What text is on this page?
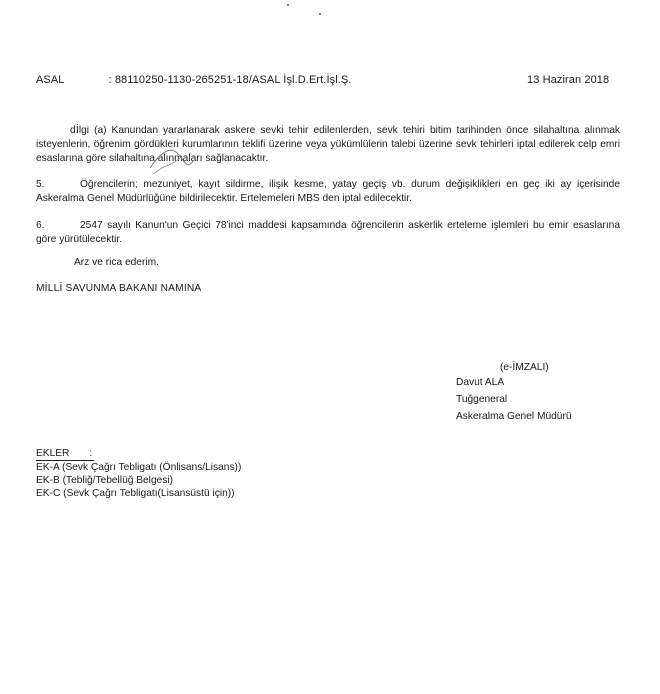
ASAL	: 88110250-1130-265251-18/ASAL İşl.D.Ert.İşl.Ş.	13 Haziran 2018
d.İlgi (a) Kanundan yararlanarak askere sevki tehir edilenlerden, sevk tehiri bitim tarihinden önce silahaltına alınmak isteyenlerin, öğrenim gördükleri kurumlarının teklifi üzerine veya yükümlülerin talebi üzerine sevk tehirleri iptal edilerek celp emri esaslarına göre silahaltına alınmaları sağlanacaktır.
5.	Öğrencilerin; mezuniyet, kayıt sildirme, ilişik kesme, yatay geçiş vb. durum değişiklikleri en geç iki ay içerisinde Askeralma Genel Müdürlüğüne bildirilecektir. Ertelemeleri MBS den iptal edilecektir.
6.	2547 sayılı Kanun'un Geçici 78'inci maddesi kapsamında öğrencilerin askerlik erteleme işlemleri bu emir esaslarına göre yürütülecektir.
Arz ve rica ederim.
MİLLİ SAVUNMA BAKANI NAMINA
(e-İMZALI)
Davut ALA
Tuğgeneral
Askeralma Genel Müdürü
EKLER :
EK-A (Sevk Çağrı Tebligatı (Önlisans/Lisans))
EK-B (Tebliğ/Tebellüğ Belgesi)
EK-C (Sevk Çağrı Tebligatı(Lisansüstü için))
